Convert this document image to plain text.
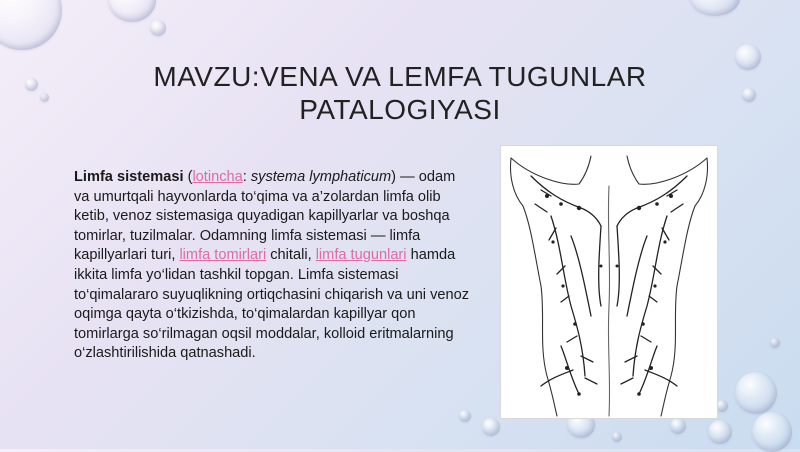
MAVZU:VENA VA LEMFA TUGUNLAR
PATALOGIYASI

Limfa sistemasi (lotincha: systema lymphaticum) — odam va umurtqali hayvonlarda to‘qima va a’zolardan limfa olib ketib, venoz sistemasiga quyadigan kapillyarlar va boshqa tomirlar, tuzilmalar. Odamning limfa sistemasi — limfa kapillyarlari turi, limfa tomirlari chitali, limfa tugunlari hamda ikkita limfa yo‘lidan tashkil topgan. Limfa sistemasi to‘qimalararo suyuqlikning ortiqchasini chiqarish va uni venoz oqimga qayta o‘tkizishda, to‘qimalardan kapillyar qon tomirlarga so‘rilmagan oqsil moddalar, kolloid eritmalarning o‘zlashtirilishida qatnashadi.
